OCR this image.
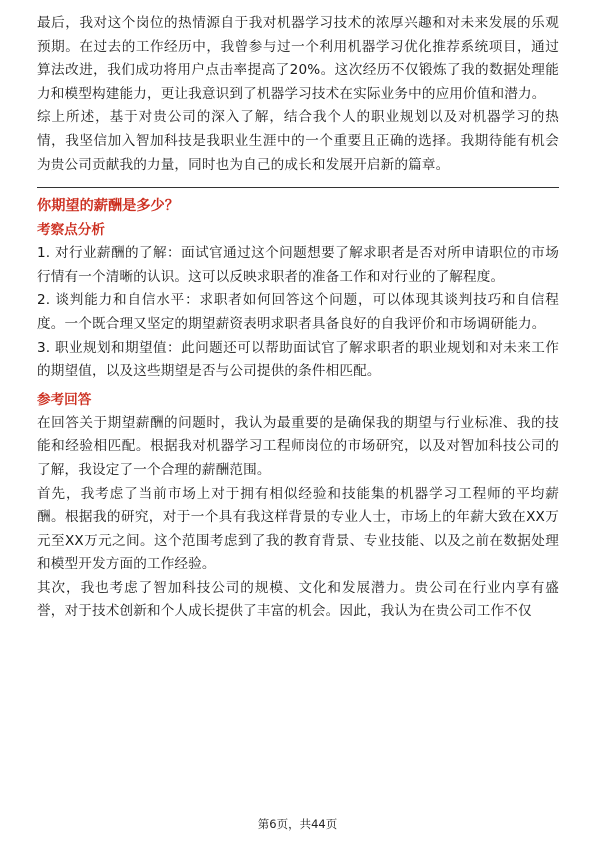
最后，我对这个岗位的热情源自于我对机器学习技术的浓厚兴趣和对未来发展的乐观预期。在过去的工作经历中，我曾参与过一个利用机器学习优化推荐系统项目，通过算法改进，我们成功将用户点击率提高了20%。这次经历不仅锻炼了我的数据处理能力和模型构建能力，更让我意识到了机器学习技术在实际业务中的应用价值和潜力。

综上所述，基于对贵公司的深入了解，结合我个人的职业规划以及对机器学习的热情，我坚信加入智加科技是我职业生涯中的一个重要且正确的选择。我期待能有机会为贵公司贡献我的力量，同时也为自己的成长和发展开启新的篇章。

你期望的薪酬是多少？

考察点分析

1. 对行业薪酬的了解：面试官通过这个问题想要了解求职者是否对所申请职位的市场行情有一个清晰的认识。这可以反映求职者的准备工作和对行业的了解程度。

2. 谈判能力和自信水平：求职者如何回答这个问题，可以体现其谈判技巧和自信程度。一个既合理又坚定的期望薪资表明求职者具备良好的自我评价和市场调研能力。

3. 职业规划和期望值：此问题还可以帮助面试官了解求职者的职业规划和对未来工作的期望值，以及这些期望是否与公司提供的条件相匹配。

参考回答

在回答关于期望薪酬的问题时，我认为最重要的是确保我的期望与行业标准、我的技能和经验相匹配。根据我对机器学习工程师岗位的市场研究，以及对智加科技公司的了解，我设定了一个合理的薪酬范围。

首先，我考虑了当前市场上对于拥有相似经验和技能集的机器学习工程师的平均薪酬。根据我的研究，对于一个具有我这样背景的专业人士，市场上的年薪大致在XX万元至XX万元之间。这个范围考虑到了我的教育背景、专业技能、以及之前在数据处理和模型开发方面的工作经验。

其次，我也考虑了智加科技公司的规模、文化和发展潜力。贵公司在行业内享有盛誉，对于技术创新和个人成长提供了丰富的机会。因此，我认为在贵公司工作不仅

第6页，共44页
